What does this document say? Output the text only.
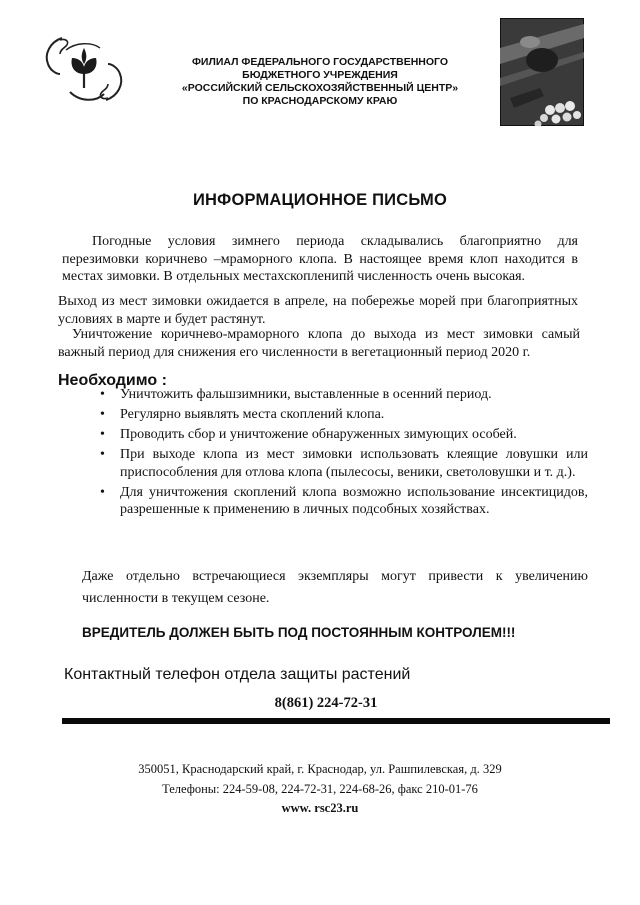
ФИЛИАЛ ФЕДЕРАЛЬНОГО ГОСУДАРСТВЕННОГО
БЮДЖЕТНОГО УЧРЕЖДЕНИЯ
«РОССИЙСКИЙ СЕЛЬСКОХОЗЯЙСТВЕННЫЙ ЦЕНТР»
ПО КРАСНОДАРСКОМУ КРАЮ
ИНФОРМАЦИОННОЕ ПИСЬМО
Погодные условия зимнего периода складывались благоприятно для перезимовки коричнево –мраморного клопа. В настоящее время клоп находится в местах зимовки. В отдельных местахскопленипй численность очень высокая.
Выход из мест зимовки ожидается в апреле, на побережье морей при благоприятных условиях в марте и будет растянут.
Уничтожение коричнево-мраморного клопа до выхода из мест зимовки самый важный период для снижения его численности в вегетационный период 2020 г.
Необходимо :
• Уничтожить фальшзимники, выставленные в осенний период.
• Регулярно выявлять места скоплений клопа.
• Проводить сбор и уничтожение обнаруженных зимующих особей.
• При выходе клопа из мест зимовки использовать клеящие ловушки или приспособления для отлова клопа (пылесосы, веники, светоловушки и т. д.).
• Для уничтожения скоплений клопа возможно использование инсектицидов, разрешенные к применению в личных подсобных хозяйствах.
Даже отдельно встречающиеся экземпляры могут привести к увеличению численности в текущем сезоне.
ВРЕДИТЕЛЬ ДОЛЖЕН БЫТЬ ПОД ПОСТОЯННЫМ КОНТРОЛЕМ!!!
Контактный телефон отдела защиты растений
8(861) 224-72-31
350051, Краснодарский край, г. Краснодар, ул. Рашпилевская, д. 329
Телефоны: 224-59-08, 224-72-31, 224-68-26, факс 210-01-76
www. rsc23.ru
